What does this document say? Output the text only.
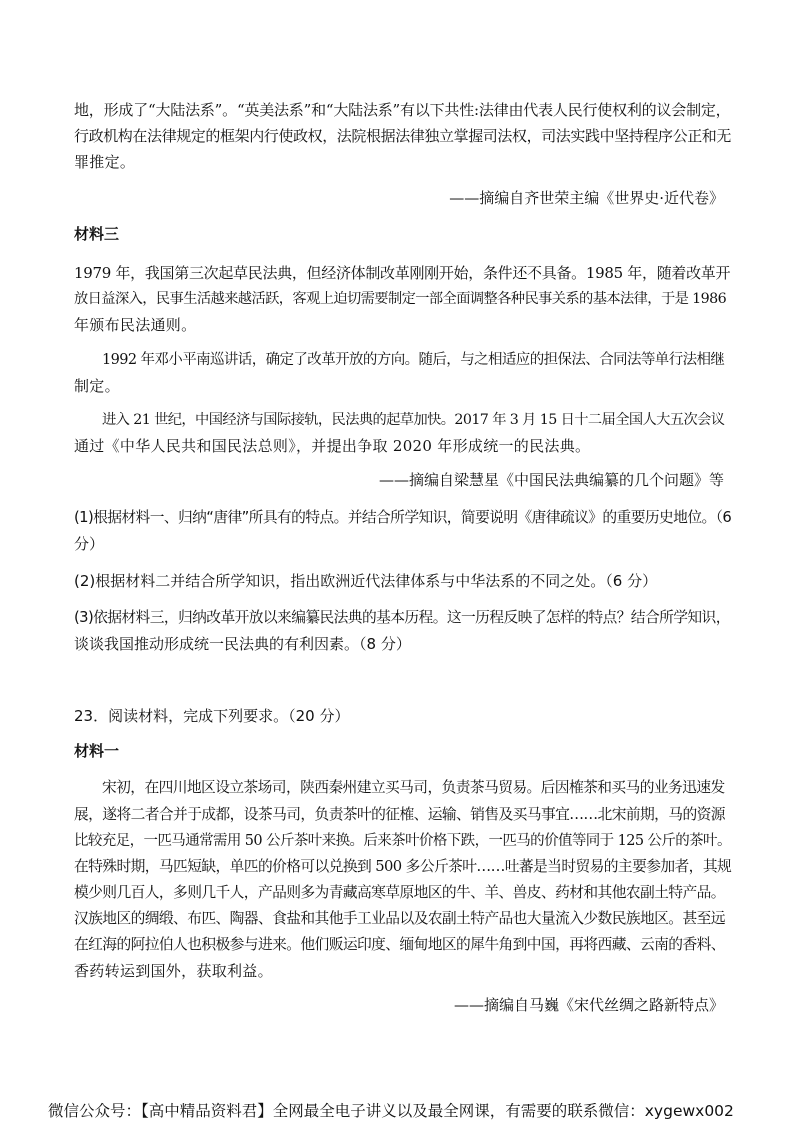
地，形成了“大陆法系”。“英美法系”和“大陆法系”有以下共性:法律由代表人民行使权利的议会制定，
行政机构在法律规定的框架内行使政权，法院根据法律独立掌握司法权，司法实践中坚持程序公正和无
罪推定。
——摘编自齐世荣主编《世界史·近代卷》
材料三
1979 年，我国第三次起草民法典，但经济体制改革刚刚开始，条件还不具备。1985 年，随着改革开
放日益深入，民事生活越来越活跃，客观上迫切需要制定一部全面调整各种民事关系的基本法律，于是 1986
年颁布民法通则。
1992 年邓小平南巡讲话，确定了改革开放的方向。随后，与之相适应的担保法、合同法等单行法相继
制定。
进入 21 世纪，中国经济与国际接轨，民法典的起草加快。2017 年 3 月 15 日十二届全国人大五次会议
通过《中华人民共和国民法总则》，并提出争取 2020 年形成统一的民法典。
——摘编自梁慧星《中国民法典编纂的几个问题》等
(1)根据材料一、归纳“唐律”所具有的特点。并结合所学知识，简要说明《唐律疏议》的重要历史地位。（6
分）
(2)根据材料二并结合所学知识，指出欧洲近代法律体系与中华法系的不同之处。（6 分）
(3)依据材料三，归纳改革开放以来编纂民法典的基本历程。这一历程反映了怎样的特点？结合所学知识，
谈谈我国推动形成统一民法典的有利因素。（8 分）
23．阅读材料，完成下列要求。（20 分）
材料一
宋初，在四川地区设立茶场司，陕西秦州建立买马司，负责茶马贸易。后因榷茶和买马的业务迅速发
展，遂将二者合并于成都，设茶马司，负责茶叶的征榷、运输、销售及买马事宜……北宋前期，马的资源
比较充足，一匹马通常需用 50 公斤茶叶来换。后来茶叶价格下跌，一匹马的价值等同于 125 公斤的茶叶。
在特殊时期，马匹短缺，单匹的价格可以兑换到 500 多公斤茶叶……吐蕃是当时贸易的主要参加者，其规
模少则几百人，多则几千人，产品则多为青藏高寒草原地区的牛、羊、兽皮、药材和其他农副土特产品。
汉族地区的绸缎、布匹、陶器、食盐和其他手工业品以及农副土特产品也大量流入少数民族地区。甚至远
在红海的阿拉伯人也积极参与进来。他们贩运印度、缅甸地区的犀牛角到中国，再将西藏、云南的香料、
香药转运到国外，获取利益。
——摘编自马巍《宋代丝绸之路新特点》
微信公众号：【高中精品资料君】全网最全电子讲义以及最全网课，有需要的联系微信：xygewx002
